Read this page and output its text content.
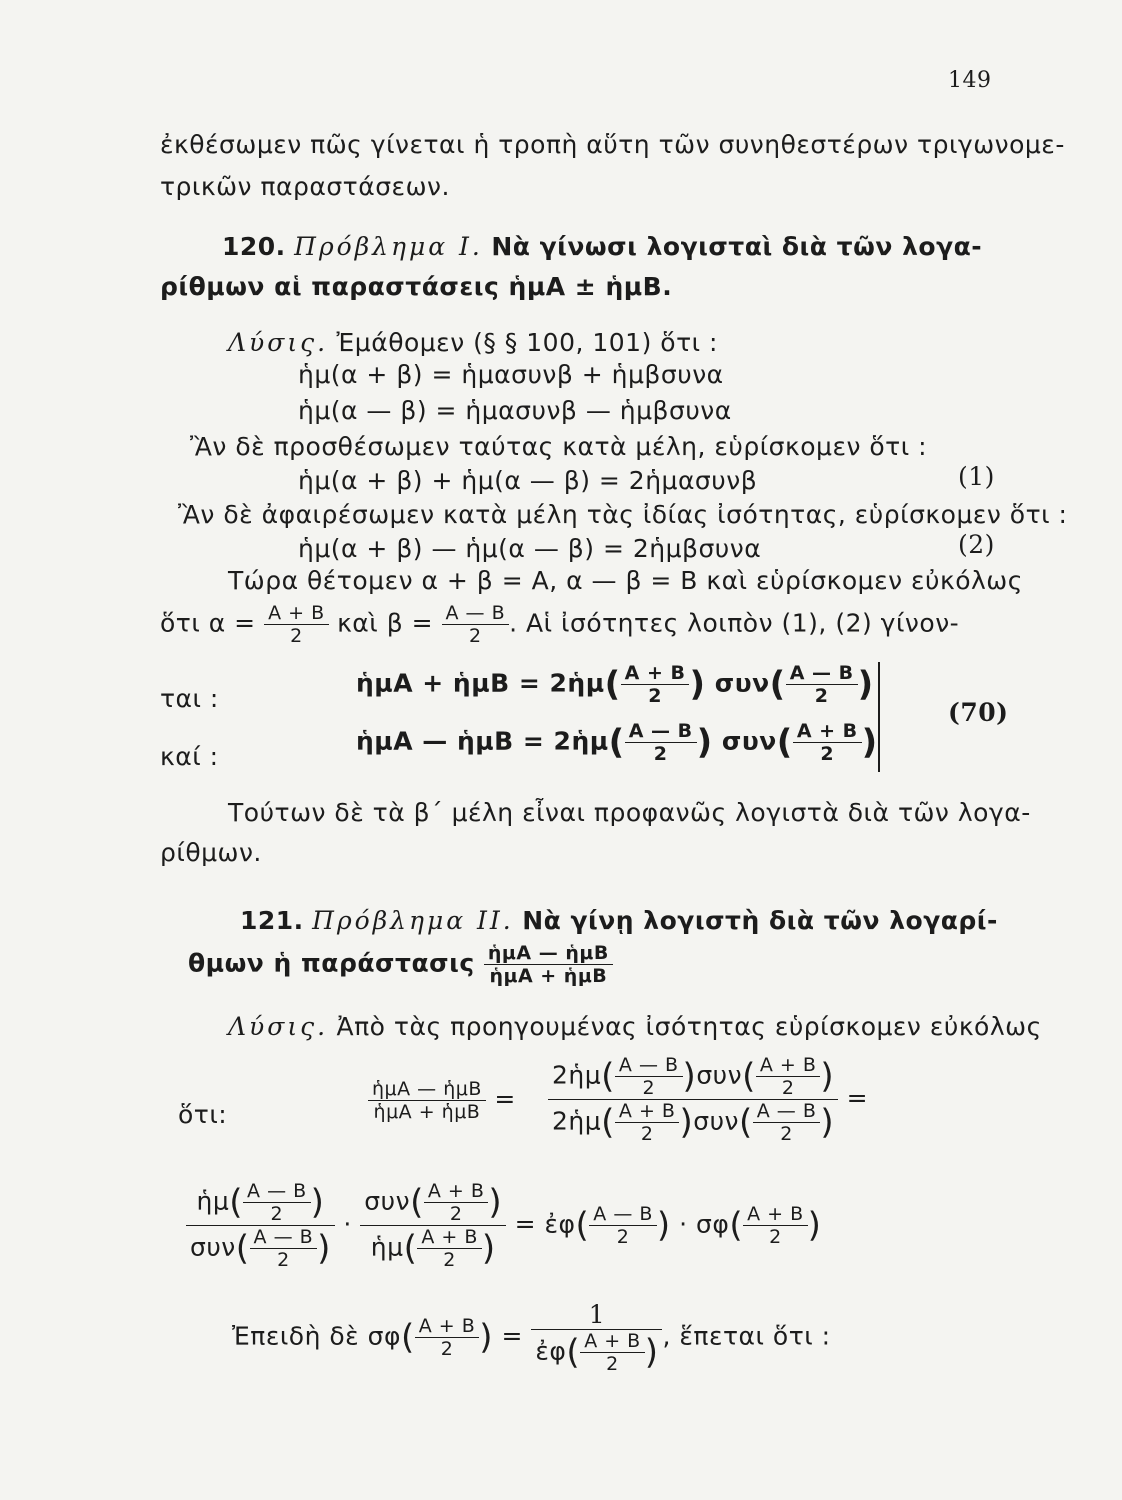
149
ἐκθέσωμεν πῶς γίνεται ἡ τροπὴ αὕτη τῶν συνηθεστέρων τριγωνομε-
τρικῶν παραστάσεων.
120. Πρόβλημα Ι. Νὰ γίνωσι λογισταὶ διὰ τῶν λογα-
ρίθμων αἱ παραστάσεις ἡμΑ ± ἡμΒ.
Λύσις. Ἐμάθομεν (§ § 100, 101) ὅτι :
ἡμ(α + β) = ἡμασυνβ + ἡμβσυνα
ἡμ(α — β) = ἡμασυνβ — ἡμβσυνα
Ἂν δὲ προσθέσωμεν ταύτας κατὰ μέλη, εὑρίσκομεν ὅτι :
ἡμ(α + β) + ἡμ(α — β) = 2ἡμασυνβ	(1)
Ἂν δὲ ἀφαιρέσωμεν κατὰ μέλη τὰς ἰδίας ἰσότητας, εὑρίσκομεν ὅτι :
ἡμ(α + β) — ἡμ(α — β) = 2ἡμβσυνα	(2)
Τώρα θέτομεν α + β = Α, α — β = Β καὶ εὑρίσκομεν εὐκόλως
ὅτι $\alpha = \frac{A + B}{2}$ καὶ $\beta = \frac{A — B}{2}$ . Αἱ ἰσότητες λοιπὸν (1), (2) γίνον-
ται :
ἡμΑ + ἡμΒ = 2ἡμ( $\frac{A + B}{2}$ ) $\sigma\upsilon\nu( \frac{A — B}{2}$ )
καί :
ἡμΑ — ἡμΒ = 2ἡμ( $\frac{A — B}{2}$ ) $\sigma\upsilon\nu( \frac{A + B}{2}$ )
(70)
Τούτων δὲ τὰ β΄ μέλη εἶναι προφανῶς λογιστὰ διὰ τῶν λογα-
ρίθμων.
121. Πρόβλημα ΙΙ. Νὰ γίνῃ λογιστὴ διὰ τῶν λογαρί-
θμων ἡ παράστασις $\frac{\text{ἡμΑ — ἡμΒ}}{\text{ἡμΑ + ἡμΒ}}$
Λύσις. Ἀπὸ τὰς προηγουμένας ἰσότητας εὑρίσκομεν εὐκόλως
ὅτι:	$\frac{\text{ἡμΑ — ἡμΒ}}{\text{ἡμΑ + ἡμΒ}} = \frac{2ἡ\mu( \frac{A — B}{2} )\sigma\upsilon\nu( \frac{A + B}{2} )}{2ἡ\mu( \frac{A + B}{2} )\sigma\upsilon\nu( \frac{A — B}{2} )}$ =
$\frac{ἡ\mu( \frac{A — B}{2} )}{\sigma\upsilon\nu( \frac{A — B}{2} )} \cdot \frac{\sigma\upsilon\nu( \frac{A + B}{2} )}{ἡ\mu( \frac{A + B}{2} )}$ = ἐφ( $\frac{A — B}{2}$ ) · $\sigma\varphi( \frac{A + B}{2}$ )
Ἐπειδὴ δὲ $\sigma\varphi( \frac{A + B}{2}$ ) = $\frac{1}{ἐ\varphi( \frac{A + B}{2} )}$ , ἕπεται ὅτι :
